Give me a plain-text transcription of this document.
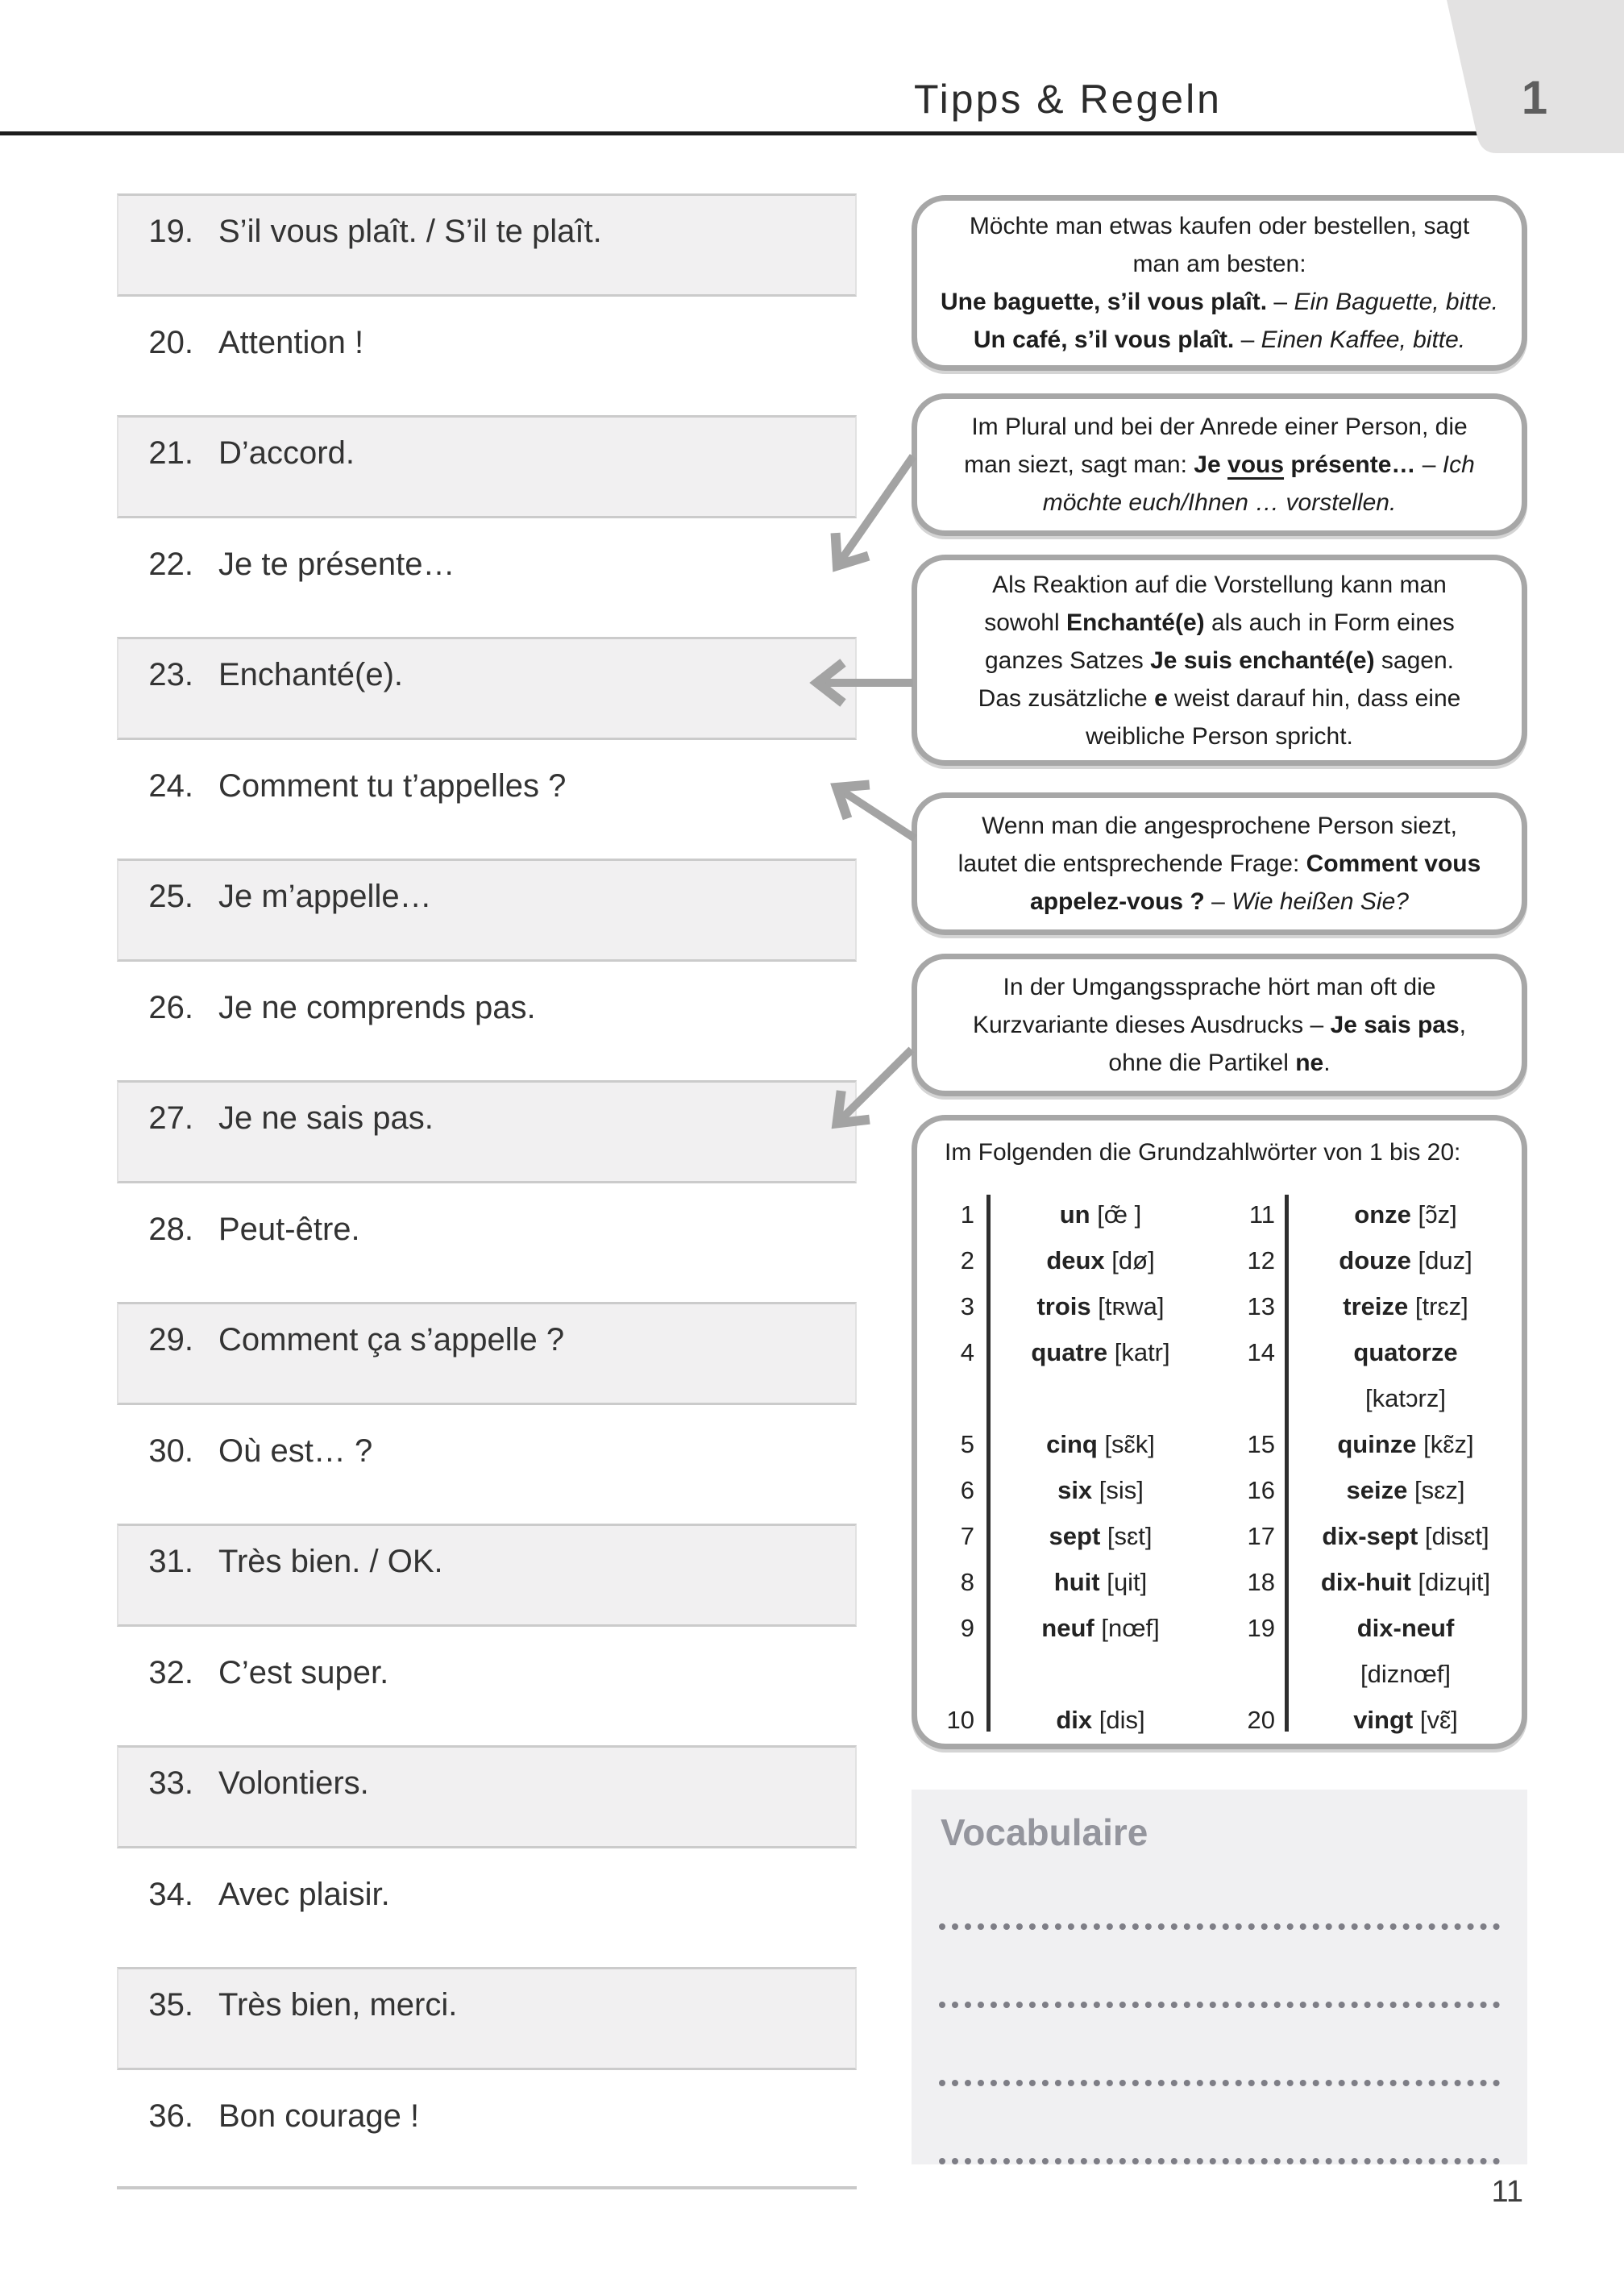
Tipps & Regeln	1
19. S’il vous plaît. / S’il te plaît.
20. Attention !
21. D’accord.
22. Je te présente…
23. Enchanté(e).
24. Comment tu t’appelles ?
25. Je m’appelle…
26. Je ne comprends pas.
27. Je ne sais pas.
28. Peut-être.
29. Comment ça s’appelle ?
30. Où est… ?
31. Très bien. / OK.
32. C’est super.
33. Volontiers.
34. Avec plaisir.
35. Très bien, merci.
36. Bon courage !
Möchte man etwas kaufen oder bestellen, sagt
man am besten:
Une baguette, s’il vous plaît. – Ein Baguette, bitte.
Un café, s’il vous plaît. – Einen Kaffee, bitte.
Im Plural und bei der Anrede einer Person, die
man siezt, sagt man: Je vous présente… – Ich
möchte euch/Ihnen … vorstellen.
Als Reaktion auf die Vorstellung kann man
sowohl Enchanté(e) als auch in Form eines
ganzes Satzes Je suis enchanté(e) sagen.
Das zusätzliche e weist darauf hin, dass eine
weibliche Person spricht.
Wenn man die angesprochene Person siezt,
lautet die entsprechende Frage: Comment vous
appelez-vous ? – Wie heißen Sie?
In der Umgangssprache hört man oft die
Kurzvariante dieses Ausdrucks – Je sais pas,
ohne die Partikel ne.
Im Folgenden die Grundzahlwörter von 1 bis 20:
1	un [œ̃ ]	11	onze [ɔ̃z]
2	deux [dø]	12	douze [duz]
3	trois [tʀwa]	13	treize [trɛz]
4	quatre [katr]	14	quatorze
[katɔrz]
5	cinq [sɛ̃k]	15	quinze [kɛ̃z]
6	six [sis]	16	seize [sɛz]
7	sept [sɛt]	17	dix-sept [disɛt]
8	huit [ɥit]	18	dix-huit [dizɥit]
9	neuf [nœf]	19	dix-neuf
[diznœf]
10	dix [dis]	20	vingt [vɛ̃]
Vocabulaire
11
